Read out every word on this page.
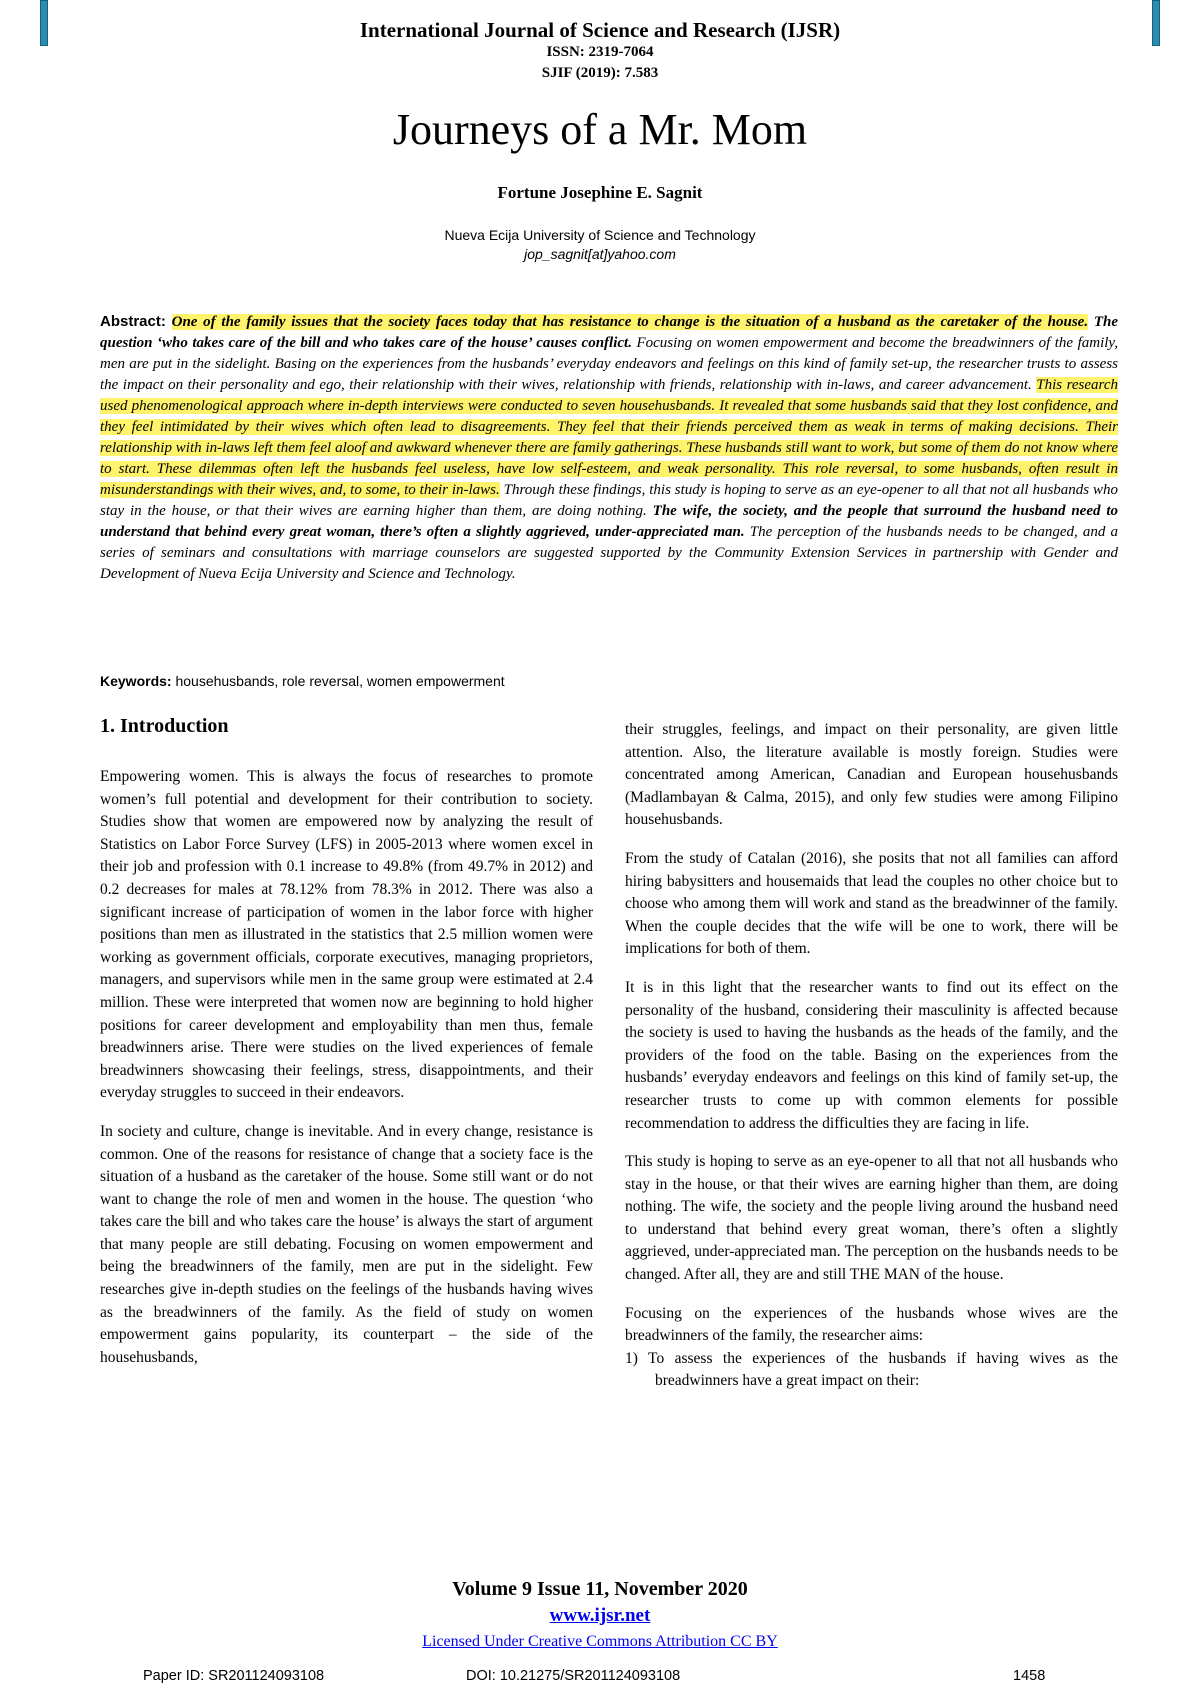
International Journal of Science and Research (IJSR)
ISSN: 2319-7064
SJIF (2019): 7.583
Journeys of a Mr. Mom
Fortune Josephine E. Sagnit
Nueva Ecija University of Science and Technology
jop_sagnit[at]yahoo.com
Abstract: One of the family issues that the society faces today that has resistance to change is the situation of a husband as the caretaker of the house. The question ‘who takes care of the bill and who takes care of the house’ causes conflict. Focusing on women empowerment and become the breadwinners of the family, men are put in the sidelight. Basing on the experiences from the husbands’ everyday endeavors and feelings on this kind of family set-up, the researcher trusts to assess the impact on their personality and ego, their relationship with their wives, relationship with friends, relationship with in-laws, and career advancement. This research used phenomenological approach where in-depth interviews were conducted to seven househusbands. It revealed that some husbands said that they lost confidence, and they feel intimidated by their wives which often lead to disagreements. They feel that their friends perceived them as weak in terms of making decisions. Their relationship with in-laws left them feel aloof and awkward whenever there are family gatherings. These husbands still want to work, but some of them do not know where to start. These dilemmas often left the husbands feel useless, have low self-esteem, and weak personality. This role reversal, to some husbands, often result in misunderstandings with their wives, and, to some, to their in-laws. Through these findings, this study is hoping to serve as an eye-opener to all that not all husbands who stay in the house, or that their wives are earning higher than them, are doing nothing. The wife, the society, and the people that surround the husband need to understand that behind every great woman, there’s often a slightly aggrieved, under-appreciated man. The perception of the husbands needs to be changed, and a series of seminars and consultations with marriage counselors are suggested supported by the Community Extension Services in partnership with Gender and Development of Nueva Ecija University and Science and Technology.
Keywords: househusbands, role reversal, women empowerment
1. Introduction

Empowering women. This is always the focus of researches to promote women’s full potential and development for their contribution to society. Studies show that women are empowered now by analyzing the result of Statistics on Labor Force Survey (LFS) in 2005-2013 where women excel in their job and profession with 0.1 increase to 49.8% (from 49.7% in 2012) and 0.2 decreases for males at 78.12% from 78.3% in 2012. There was also a significant increase of participation of women in the labor force with higher positions than men as illustrated in the statistics that 2.5 million women were working as government officials, corporate executives, managing proprietors, managers, and supervisors while men in the same group were estimated at 2.4 million. These were interpreted that women now are beginning to hold higher positions for career development and employability than men thus, female breadwinners arise. There were studies on the lived experiences of female breadwinners showcasing their feelings, stress, disappointments, and their everyday struggles to succeed in their endeavors.

In society and culture, change is inevitable. And in every change, resistance is common. One of the reasons for resistance of change that a society face is the situation of a husband as the caretaker of the house. Some still want or do not want to change the role of men and women in the house. The question ‘who takes care the bill and who takes care the house’ is always the start of argument that many people are still debating. Focusing on women empowerment and being the breadwinners of the family, men are put in the sidelight. Few researches give in-depth studies on the feelings of the husbands having wives as the breadwinners of the family. As the field of study on women empowerment gains popularity, its counterpart – the side of the househusbands,

their struggles, feelings, and impact on their personality, are given little attention. Also, the literature available is mostly foreign. Studies were concentrated among American, Canadian and European househusbands (Madlambayan & Calma, 2015), and only few studies were among Filipino househusbands.

From the study of Catalan (2016), she posits that not all families can afford hiring babysitters and housemaids that lead the couples no other choice but to choose who among them will work and stand as the breadwinner of the family. When the couple decides that the wife will be one to work, there will be implications for both of them.

It is in this light that the researcher wants to find out its effect on the personality of the husband, considering their masculinity is affected because the society is used to having the husbands as the heads of the family, and the providers of the food on the table. Basing on the experiences from the husbands’ everyday endeavors and feelings on this kind of family set-up, the researcher trusts to come up with common elements for possible recommendation to address the difficulties they are facing in life.

This study is hoping to serve as an eye-opener to all that not all husbands who stay in the house, or that their wives are earning higher than them, are doing nothing. The wife, the society and the people living around the husband need to understand that behind every great woman, there’s often a slightly aggrieved, under-appreciated man. The perception on the husbands needs to be changed. After all, they are and still THE MAN of the house.

Focusing on the experiences of the husbands whose wives are the breadwinners of the family, the researcher aims:

1) To assess the experiences of the husbands if having wives as the breadwinners have a great impact on their:
Volume 9 Issue 11, November 2020
www.ijsr.net
Licensed Under Creative Commons Attribution CC BY
Paper ID: SR201124093108	DOI: 10.21275/SR201124093108	1458
